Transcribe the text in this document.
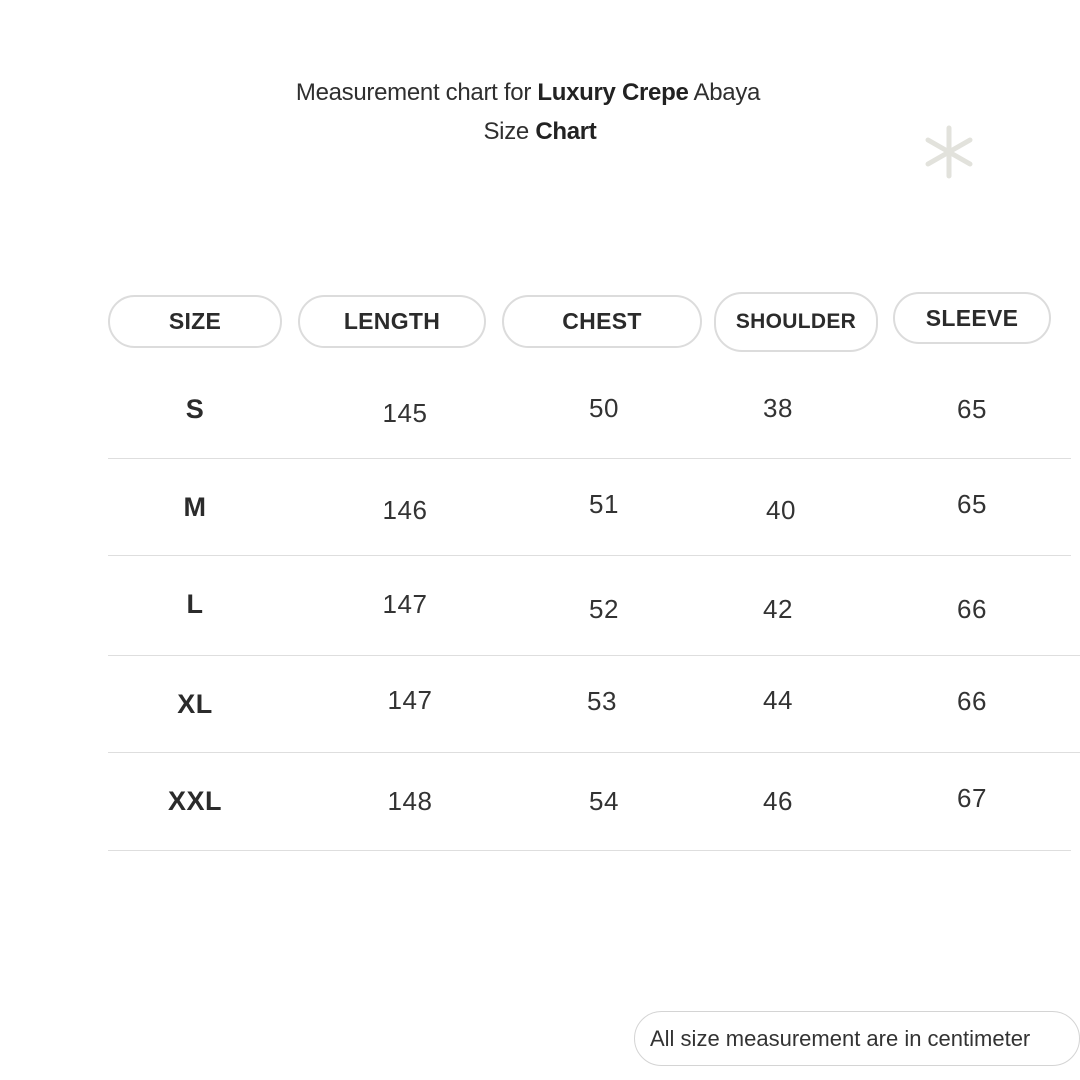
Measurement chart for Luxury Crepe Abaya
Size Chart
SIZE	LENGTH	CHEST	SHOULDER	SLEEVE
S	145	50	38	65
M	146	51	40	65
L	147	52	42	66
XL	147	53	44	66
XXL	148	54	46	67
All size measurement are in centimeter
